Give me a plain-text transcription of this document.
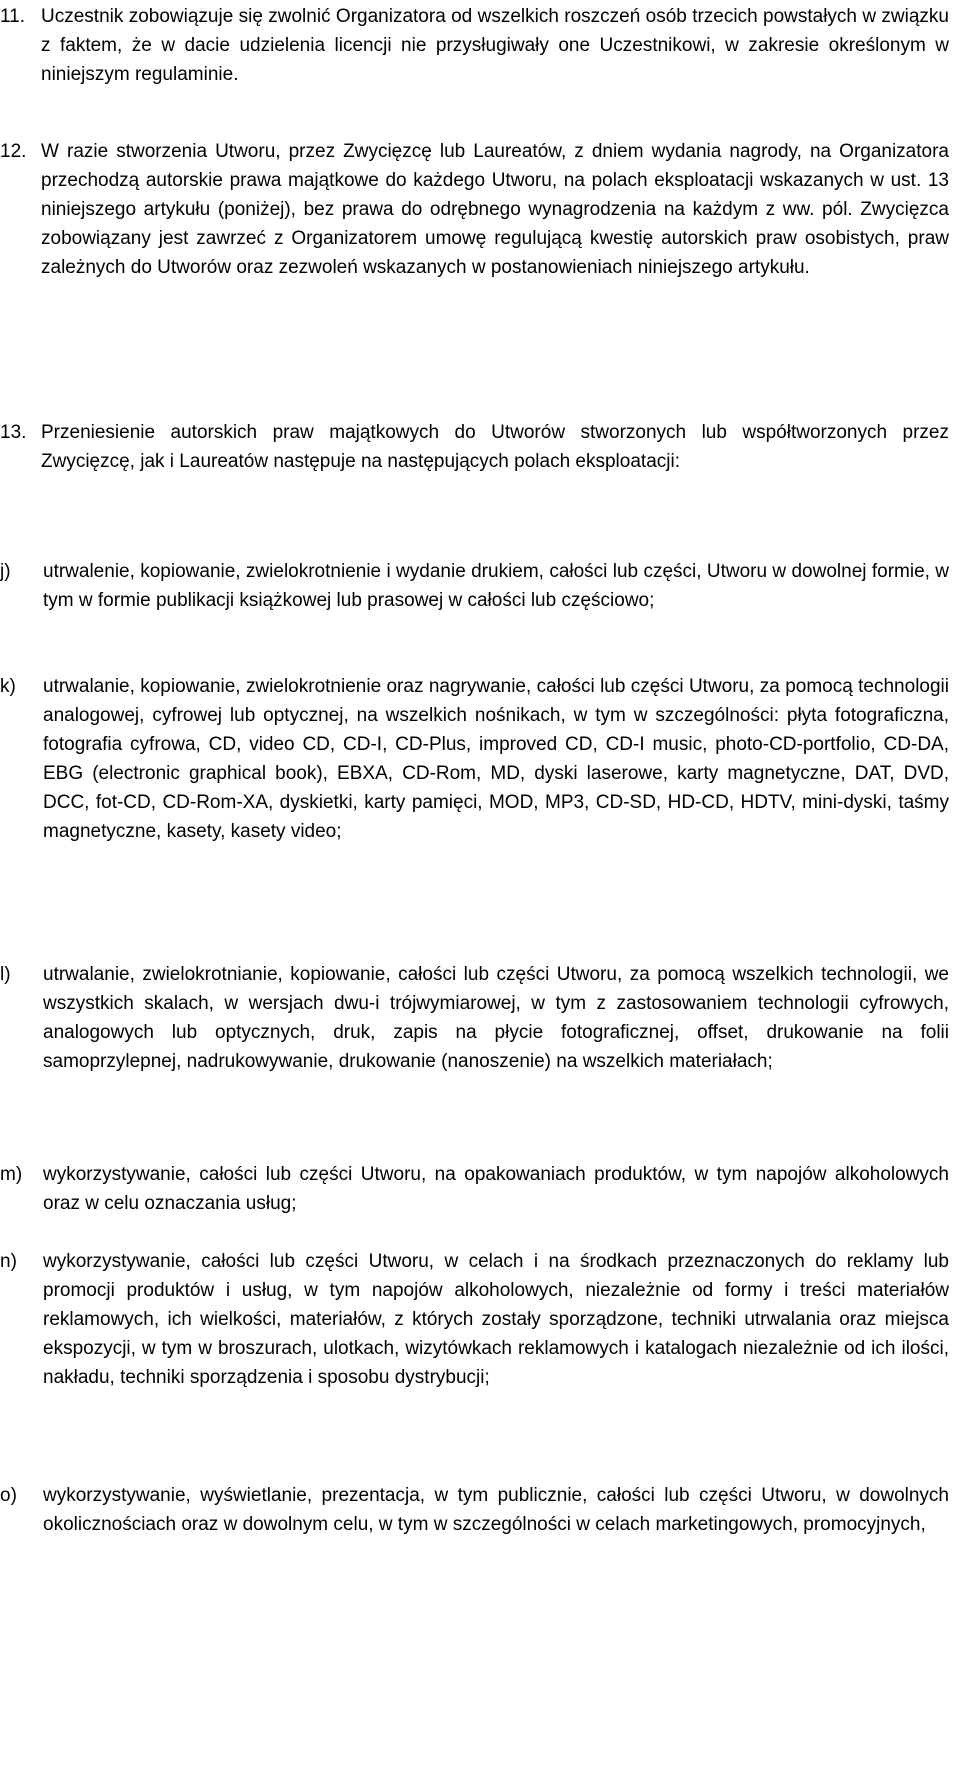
11. Uczestnik zobowiązuje się zwolnić Organizatora od wszelkich roszczeń osób trzecich powstałych w związku z faktem, że w dacie udzielenia licencji nie przysługiwały one Uczestnikowi, w zakresie określonym w niniejszym regulaminie.
12. W razie stworzenia Utworu, przez Zwycięzcę lub Laureatów, z dniem wydania nagrody, na Organizatora przechodzą autorskie prawa majątkowe do każdego Utworu, na polach eksploatacji wskazanych w ust. 13 niniejszego artykułu (poniżej), bez prawa do odrębnego wynagrodzenia na każdym z ww. pól. Zwycięzca zobowiązany jest zawrzeć z Organizatorem umowę regulującą kwestię autorskich praw osobistych, praw zależnych do Utworów oraz zezwoleń wskazanych w postanowieniach niniejszego artykułu.
13. Przeniesienie autorskich praw majątkowych do Utworów stworzonych lub współtworzonych przez Zwycięzcę, jak i Laureatów następuje na następujących polach eksploatacji:
j) utrwalenie, kopiowanie, zwielokrotnienie i wydanie drukiem, całości lub części, Utworu w dowolnej formie, w tym w formie publikacji książkowej lub prasowej w całości lub częściowo;
k) utrwalanie, kopiowanie, zwielokrotnienie oraz nagrywanie, całości lub części Utworu, za pomocą technologii analogowej, cyfrowej lub optycznej, na wszelkich nośnikach, w tym w szczególności: płyta fotograficzna, fotografia cyfrowa, CD, video CD, CD-I, CD-Plus, improved CD, CD-I music, photo-CD-portfolio, CD-DA, EBG (electronic graphical book), EBXA, CD-Rom, MD, dyski laserowe, karty magnetyczne, DAT, DVD, DCC, fot-CD, CD-Rom-XA, dyskietki, karty pamięci, MOD, MP3, CD-SD, HD-CD, HDTV, mini-dyski, taśmy magnetyczne, kasety, kasety video;
l) utrwalanie, zwielokrotnianie, kopiowanie, całości lub części Utworu, za pomocą wszelkich technologii, we wszystkich skalach, w wersjach dwu-i trójwymiarowej, w tym z zastosowaniem technologii cyfrowych, analogowych lub optycznych, druk, zapis na płycie fotograficznej, offset, drukowanie na folii samoprzylepnej, nadrukowywanie, drukowanie (nanoszenie) na wszelkich materiałach;
m) wykorzystywanie, całości lub części Utworu, na opakowaniach produktów, w tym napojów alkoholowych oraz w celu oznaczania usług;
n) wykorzystywanie, całości lub części Utworu, w celach i na środkach przeznaczonych do reklamy lub promocji produktów i usług, w tym napojów alkoholowych, niezależnie od formy i treści materiałów reklamowych, ich wielkości, materiałów, z których zostały sporządzone, techniki utrwalania oraz miejsca ekspozycji, w tym w broszurach, ulotkach, wizytówkach reklamowych i katalogach niezależnie od ich ilości, nakładu, techniki sporządzenia i sposobu dystrybucji;
o) wykorzystywanie, wyświetlanie, prezentacja, w tym publicznie, całości lub części Utworu, w dowolnych okolicznościach oraz w dowolnym celu, w tym w szczególności w celach marketingowych, promocyjnych,
